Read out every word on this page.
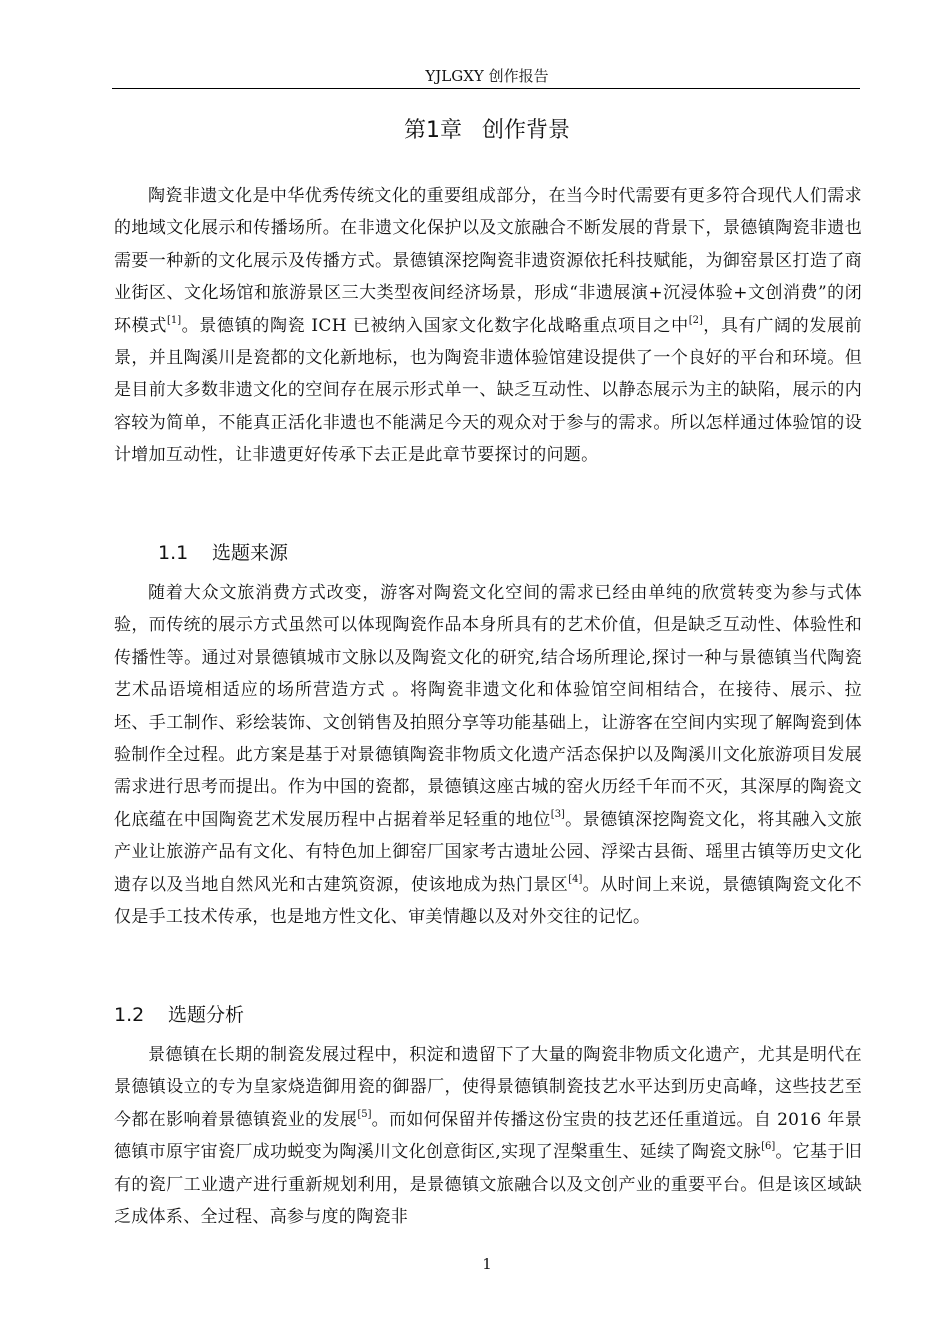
YJLGXY 创作报告
第1章 创作背景

陶瓷非遗文化是中华优秀传统文化的重要组成部分，在当今时代需要有更多符合现代人们需求的地域文化展示和传播场所。在非遗文化保护以及文旅融合不断发展的背景下，景德镇陶瓷非遗也需要一种新的文化展示及传播方式。景德镇深挖陶瓷非遗资源依托科技赋能，为御窑景区打造了商业街区、文化场馆和旅游景区三大类型夜间经济场景，形成“非遗展演+沉浸体验+文创消费”的闭环模式[1]。景德镇的陶瓷 ICH 已被纳入国家文化数字化战略重点项目之中[2]，具有广阔的发展前景，并且陶溪川是瓷都的文化新地标，也为陶瓷非遗体验馆建设提供了一个良好的平台和环境。但是目前大多数非遗文化的空间存在展示形式单一、缺乏互动性、以静态展示为主的缺陷，展示的内容较为简单，不能真正活化非遗也不能满足今天的观众对于参与的需求。所以怎样通过体验馆的设计增加互动性，让非遗更好传承下去正是此章节要探讨的问题。

1.1 选题来源

随着大众文旅消费方式改变，游客对陶瓷文化空间的需求已经由单纯的欣赏转变为参与式体验，而传统的展示方式虽然可以体现陶瓷作品本身所具有的艺术价值，但是缺乏互动性、体验性和传播性等。通过对景德镇城市文脉以及陶瓷文化的研究,结合场所理论,探讨一种与景德镇当代陶瓷艺术品语境相适应的场所营造方式 。将陶瓷非遗文化和体验馆空间相结合，在接待、展示、拉坯、手工制作、彩绘装饰、文创销售及拍照分享等功能基础上，让游客在空间内实现了解陶瓷到体验制作全过程。此方案是基于对景德镇陶瓷非物质文化遗产活态保护以及陶溪川文化旅游项目发展需求进行思考而提出。作为中国的瓷都，景德镇这座古城的窑火历经千年而不灭，其深厚的陶瓷文化底蕴在中国陶瓷艺术发展历程中占据着举足轻重的地位[3]。景德镇深挖陶瓷文化，将其融入文旅产业让旅游产品有文化、有特色加上御窑厂国家考古遗址公园、浮梁古县衙、瑶里古镇等历史文化遗存以及当地自然风光和古建筑资源，使该地成为热门景区[4]。从时间上来说，景德镇陶瓷文化不仅是手工技术传承，也是地方性文化、审美情趣以及对外交往的记忆。

1.2 选题分析

景德镇在长期的制瓷发展过程中，积淀和遗留下了大量的陶瓷非物质文化遗产，尤其是明代在景德镇设立的专为皇家烧造御用瓷的御器厂，使得景德镇制瓷技艺水平达到历史高峰，这些技艺至今都在影响着景德镇瓷业的发展[5]。而如何保留并传播这份宝贵的技艺还任重道远。自 2016 年景德镇市原宇宙瓷厂成功蜕变为陶溪川文化创意街区,实现了涅槃重生、延续了陶瓷文脉[6]。它基于旧有的瓷厂工业遗产进行重新规划利用，是景德镇文旅融合以及文创产业的重要平台。但是该区域缺乏成体系、全过程、高参与度的陶瓷非

1
